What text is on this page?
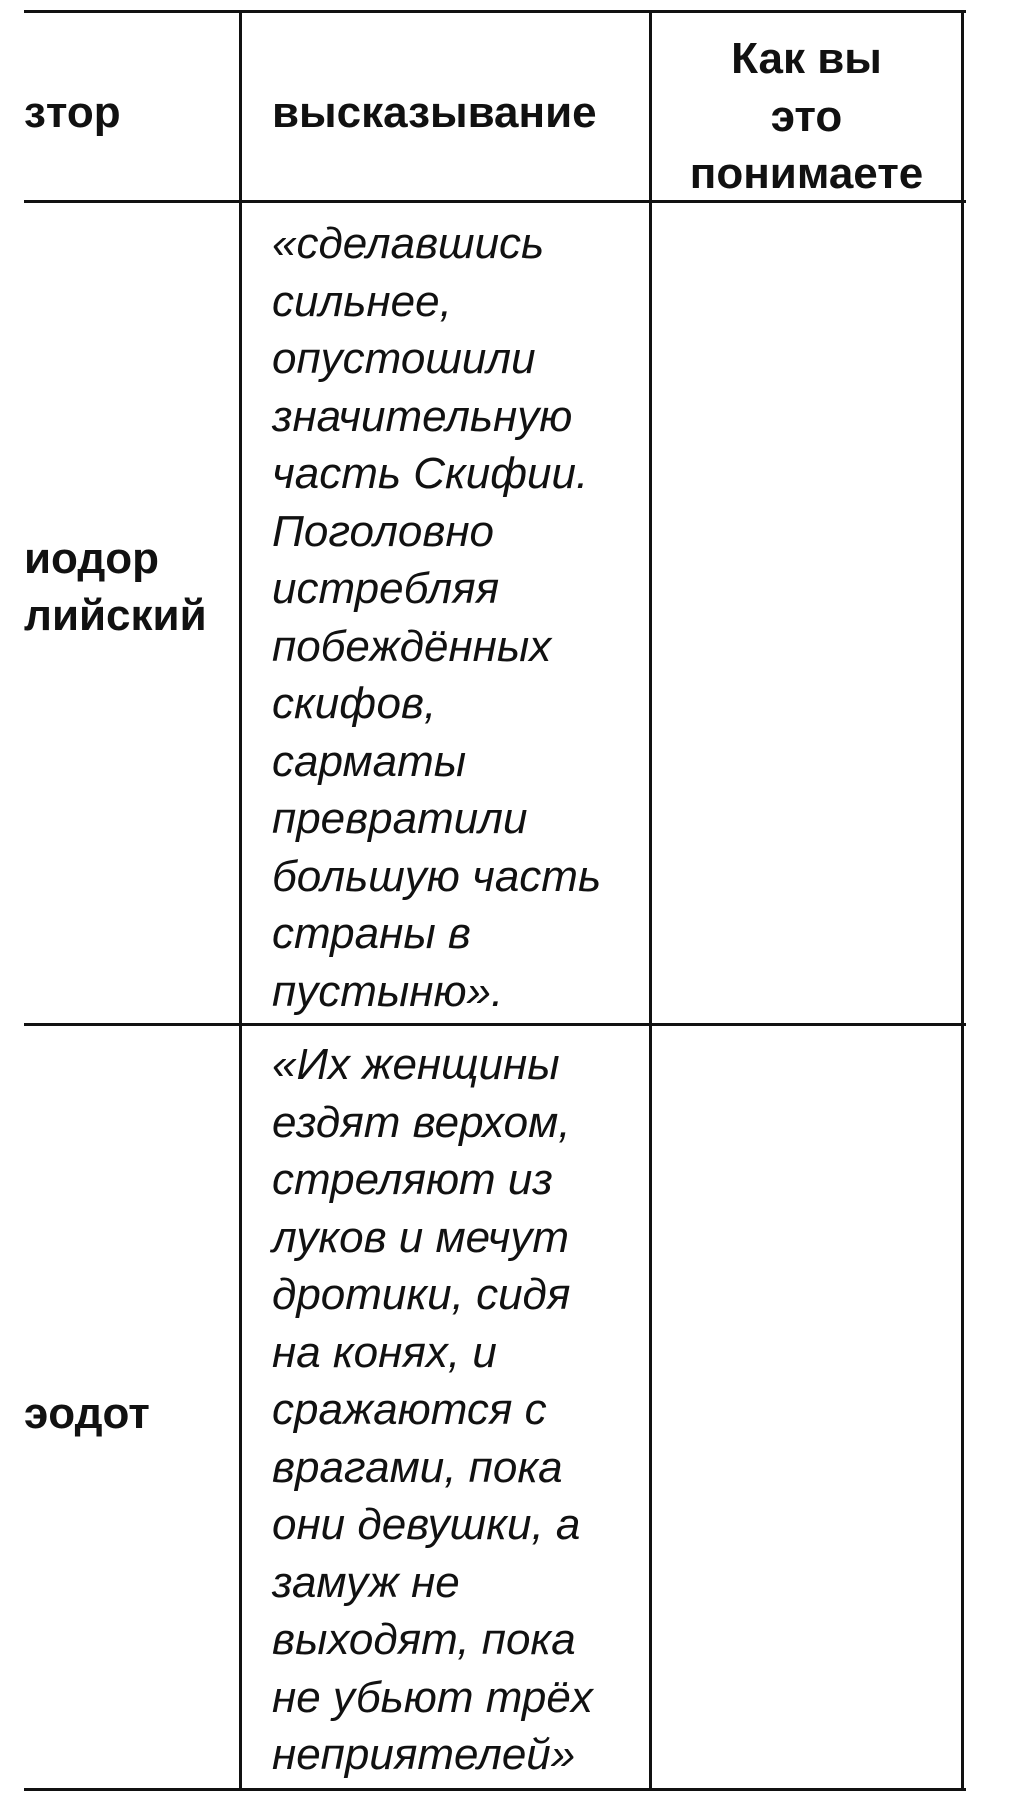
зтор	высказывание
Как вы
это
понимаете
иодор
лийский
«сделавшись
сильнее,
опустошили
значительную
часть Скифии.
Поголовно
истребляя
побеждённых
скифов,
сарматы
превратили
большую часть
страны в
пустыню».
эодот
«Их женщины
ездят верхом,
стреляют из
луков и мечут
дротики, сидя
на конях, и
сражаются с
врагами, пока
они девушки, а
замуж не
выходят, пока
не убьют трёх
неприятелей»
